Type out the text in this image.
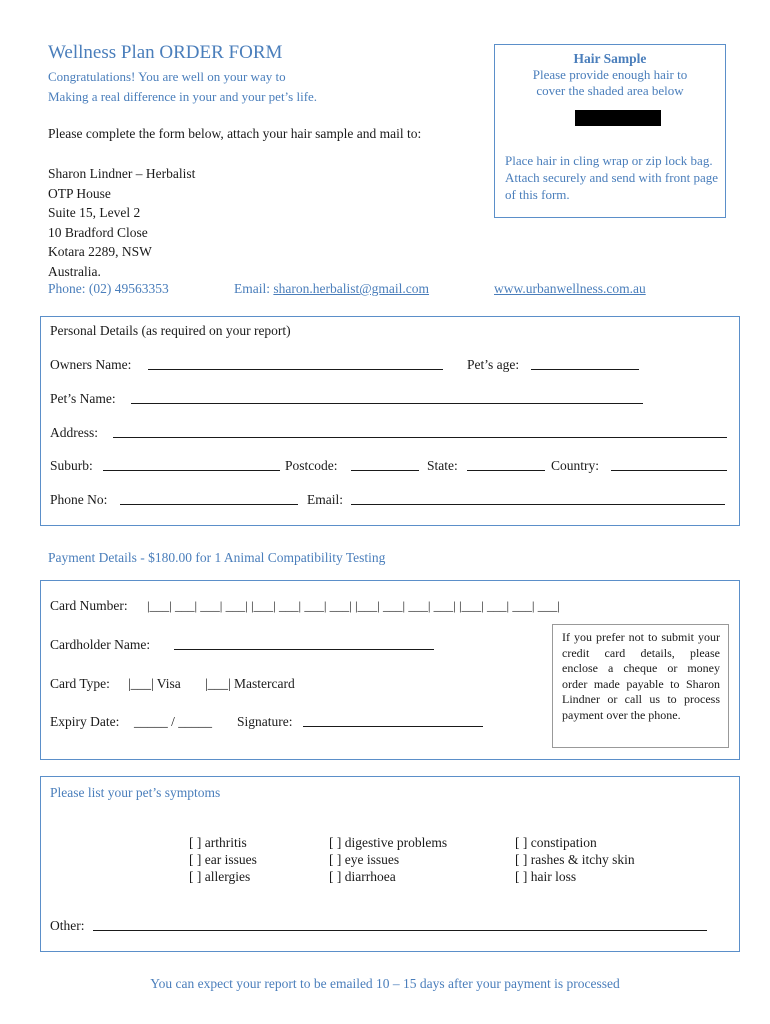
Wellness Plan ORDER FORM
Congratulations! You are well on your way to
Making a real difference in your and your pet’s life.
Please complete the form below, attach your hair sample and mail to:
Sharon Lindner – Herbalist
OTP House
Suite 15, Level 2
10 Bradford Close
Kotara 2289, NSW
Australia.
Phone: (02) 49563353	Email: sharon.herbalist@gmail.com	www.urbanwellness.com.au
Hair Sample
Please provide enough hair to
cover the shaded area below
Place hair in cling wrap or zip lock bag. Attach securely and send with front page of this form.
Personal Details (as required on your report)
Owners Name:	Pet’s age:
Pet’s Name:
Address:
Suburb:	Postcode:	State:	Country:
Phone No:	Email:
Payment Details - $180.00 for 1 Animal Compatibility Testing
Card Number: |___| ___| ___| ___| |___| ___| ___| ___| |___| ___| ___| ___| |___| ___| ___| ___|
Cardholder Name:
Card Type: |___| Visa |___| Mastercard
Expiry Date: _____ / _____ Signature:
If you prefer not to submit your credit card details, please enclose a cheque or money order made payable to Sharon Lindner or call us to process payment over the phone.
Please list your pet’s symptoms
[ ] arthritis
[ ] ear issues
[ ] allergies
[ ] digestive problems
[ ] eye issues
[ ] diarrhoea
[ ] constipation
[ ] rashes & itchy skin
[ ] hair loss
Other:
You can expect your report to be emailed 10 – 15 days after your payment is processed
